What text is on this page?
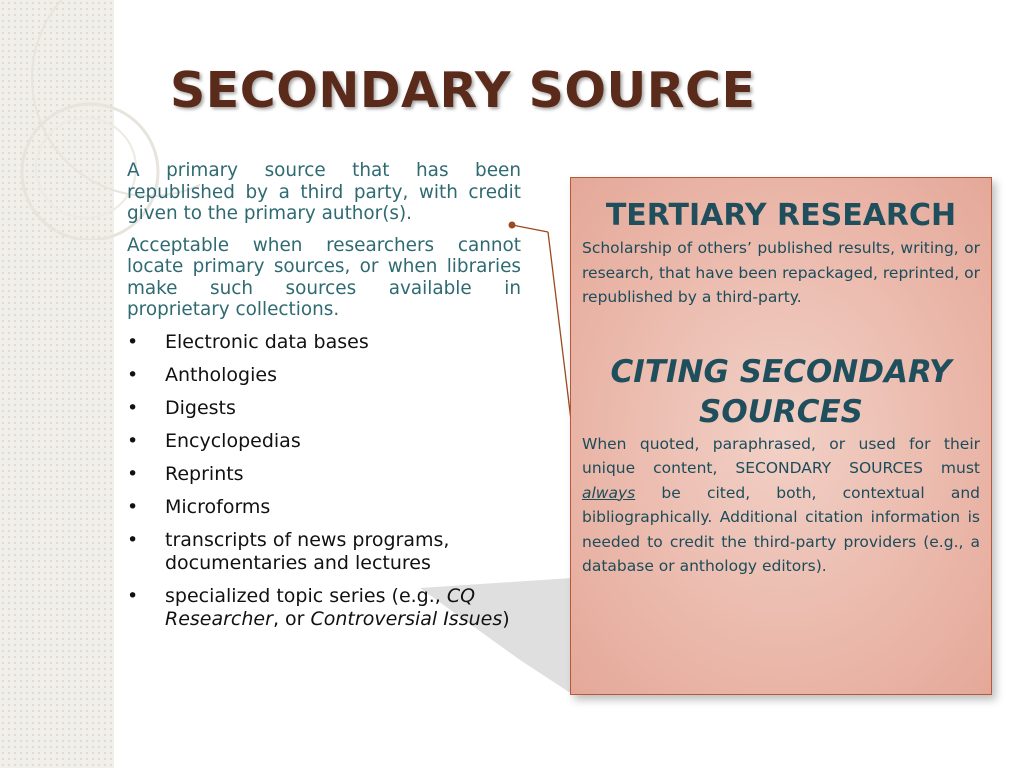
SECONDARY SOURCE

A primary source that has been republished by a third party, with credit given to the primary author(s).

Acceptable when researchers cannot locate primary sources, or when libraries make such sources available in proprietary collections.

• Electronic data bases
• Anthologies
• Digests
• Encyclopedias
• Reprints
• Microforms
• transcripts of news programs, documentaries and lectures
• specialized topic series (e.g., CQ Researcher, or Controversial Issues)
TERTIARY RESEARCH

Scholarship of others’ published results, writing, or research, that have been repackaged, reprinted, or republished by a third-party.

CITING SECONDARY SOURCES

When quoted, paraphrased, or used for their unique content, SECONDARY SOURCES must always be cited, both, contextual and bibliographically. Additional citation information is needed to credit the third-party providers (e.g., a database or anthology editors).
